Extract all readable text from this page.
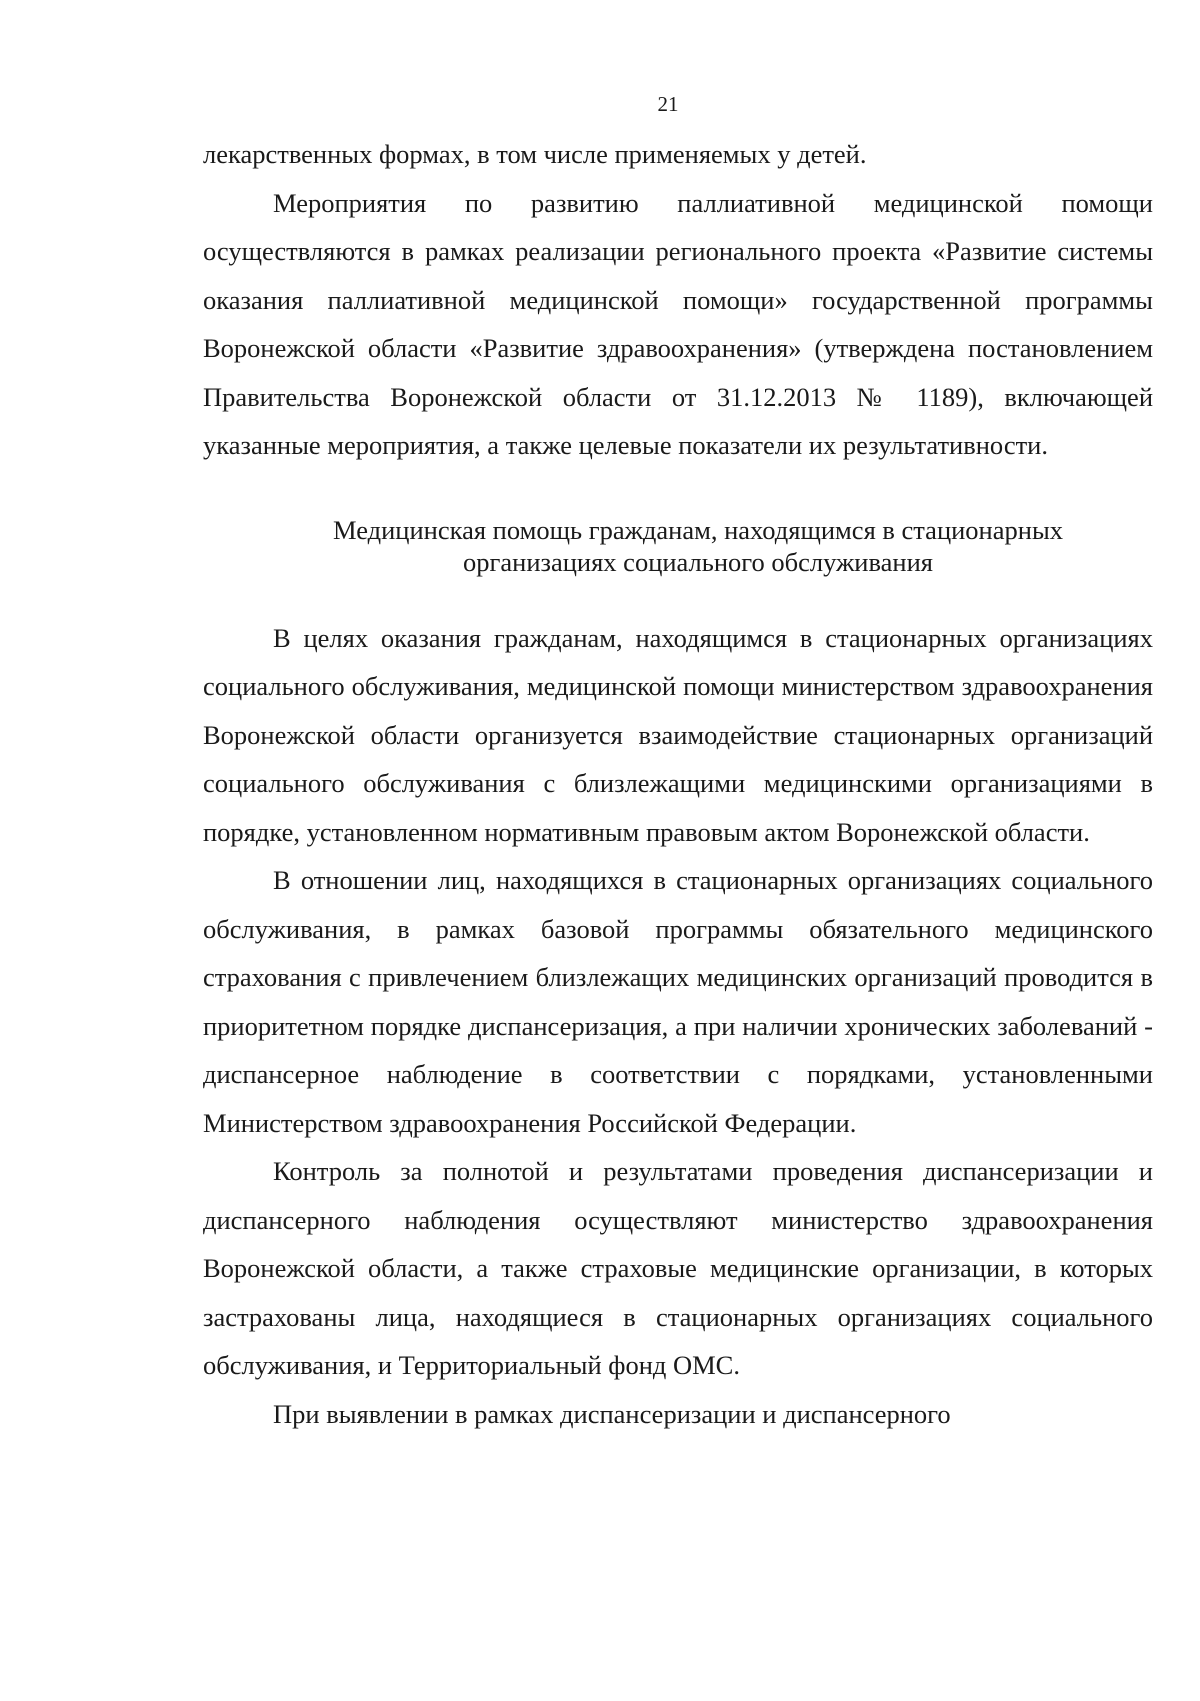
21

лекарственных формах, в том числе применяемых у детей.

Мероприятия по развитию паллиативной медицинской помощи осуществляются в рамках реализации регионального проекта «Развитие системы оказания паллиативной медицинской помощи» государственной программы Воронежской области «Развитие здравоохранения» (утверждена постановлением Правительства Воронежской области от 31.12.2013 № 1189), включающей указанные мероприятия, а также целевые показатели их результативности.

Медицинская помощь гражданам, находящимся в стационарных организациях социального обслуживания

В целях оказания гражданам, находящимся в стационарных организациях социального обслуживания, медицинской помощи министерством здравоохранения Воронежской области организуется взаимодействие стационарных организаций социального обслуживания с близлежащими медицинскими организациями в порядке, установленном нормативным правовым актом Воронежской области.

В отношении лиц, находящихся в стационарных организациях социального обслуживания, в рамках базовой программы обязательного медицинского страхования с привлечением близлежащих медицинских организаций проводится в приоритетном порядке диспансеризация, а при наличии хронических заболеваний - диспансерное наблюдение в соответствии с порядками, установленными Министерством здравоохранения Российской Федерации.

Контроль за полнотой и результатами проведения диспансеризации и диспансерного наблюдения осуществляют министерство здравоохранения Воронежской области, а также страховые медицинские организации, в которых застрахованы лица, находящиеся в стационарных организациях социального обслуживания, и Территориальный фонд ОМС.

При выявлении в рамках диспансеризации и диспансерного
